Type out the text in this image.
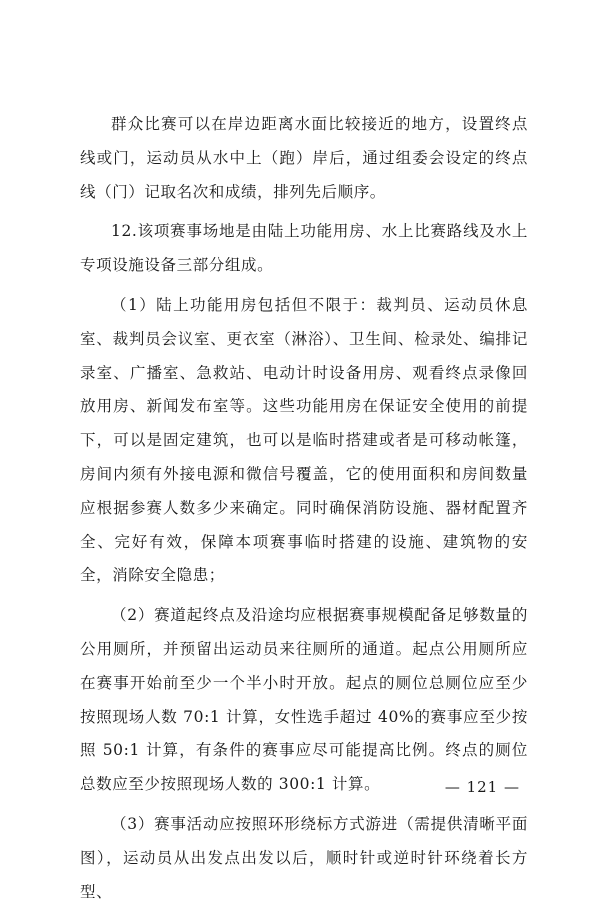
群众比赛可以在岸边距离水面比较接近的地方，设置终点线或门，运动员从水中上（跑）岸后，通过组委会设定的终点线（门）记取名次和成绩，排列先后顺序。

12.该项赛事场地是由陆上功能用房、水上比赛路线及水上专项设施设备三部分组成。

（1）陆上功能用房包括但不限于：裁判员、运动员休息室、裁判员会议室、更衣室（淋浴）、卫生间、检录处、编排记录室、广播室、急救站、电动计时设备用房、观看终点录像回放用房、新闻发布室等。这些功能用房在保证安全使用的前提下，可以是固定建筑，也可以是临时搭建或者是可移动帐篷，房间内须有外接电源和微信号覆盖，它的使用面积和房间数量应根据参赛人数多少来确定。同时确保消防设施、器材配置齐全、完好有效，保障本项赛事临时搭建的设施、建筑物的安全，消除安全隐患；

（2）赛道起终点及沿途均应根据赛事规模配备足够数量的公用厕所，并预留出运动员来往厕所的通道。起点公用厕所应在赛事开始前至少一个半小时开放。起点的厕位总厕位应至少按照现场人数 70:1 计算，女性选手超过 40%的赛事应至少按照 50:1 计算，有条件的赛事应尽可能提高比例。终点的厕位总数应至少按照现场人数的 300:1 计算。

（3）赛事活动应按照环形绕标方式游进（需提供清晰平面图），运动员从出发点出发以后，顺时针或逆时针环绕着长方型、

— 121 —
